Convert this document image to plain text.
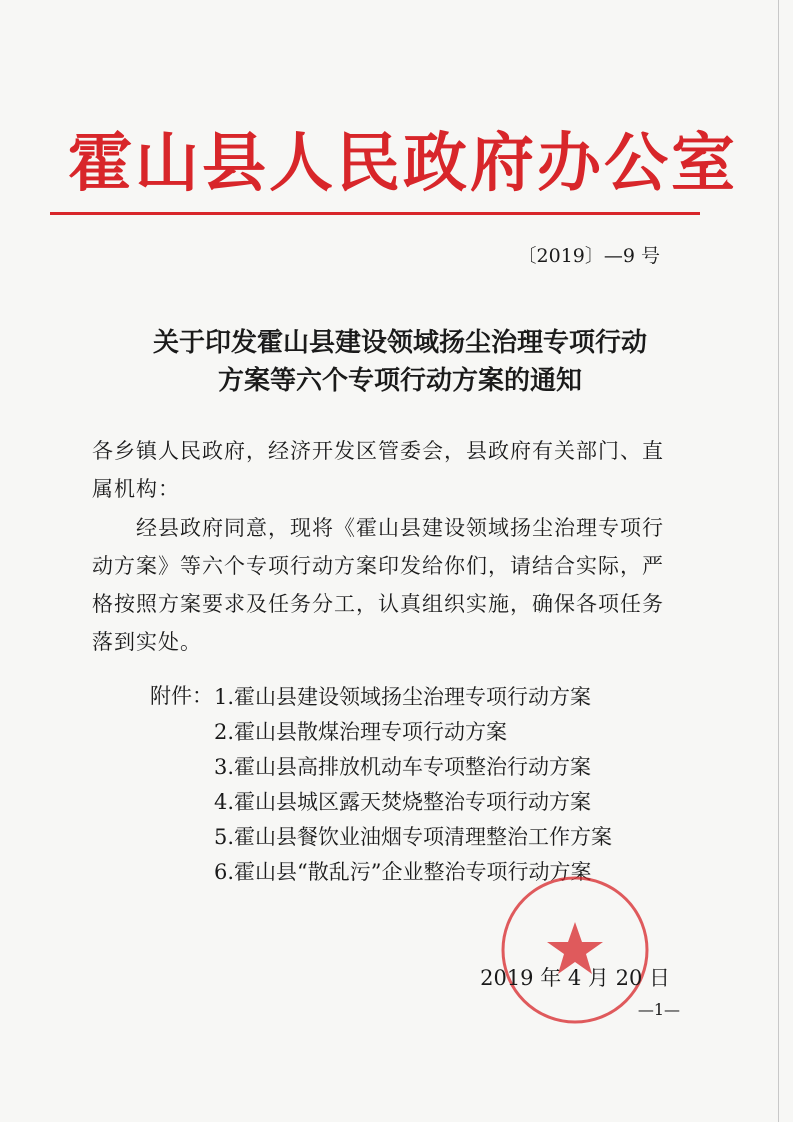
霍山县人民政府办公室
〔2019〕—9 号
关于印发霍山县建设领域扬尘治理专项行动
方案等六个专项行动方案的通知
各乡镇人民政府，经济开发区管委会，县政府有关部门、直属机构：
经县政府同意，现将《霍山县建设领域扬尘治理专项行动方案》等六个专项行动方案印发给你们，请结合实际，严格按照方案要求及任务分工，认真组织实施，确保各项任务落到实处。
附件： 1.霍山县建设领域扬尘治理专项行动方案
2.霍山县散煤治理专项行动方案
3.霍山县高排放机动车专项整治行动方案
4.霍山县城区露天焚烧整治专项行动方案
5.霍山县餐饮业油烟专项清理整治工作方案
6.霍山县“散乱污”企业整治专项行动方案
2019 年 4 月 20 日
—1—
